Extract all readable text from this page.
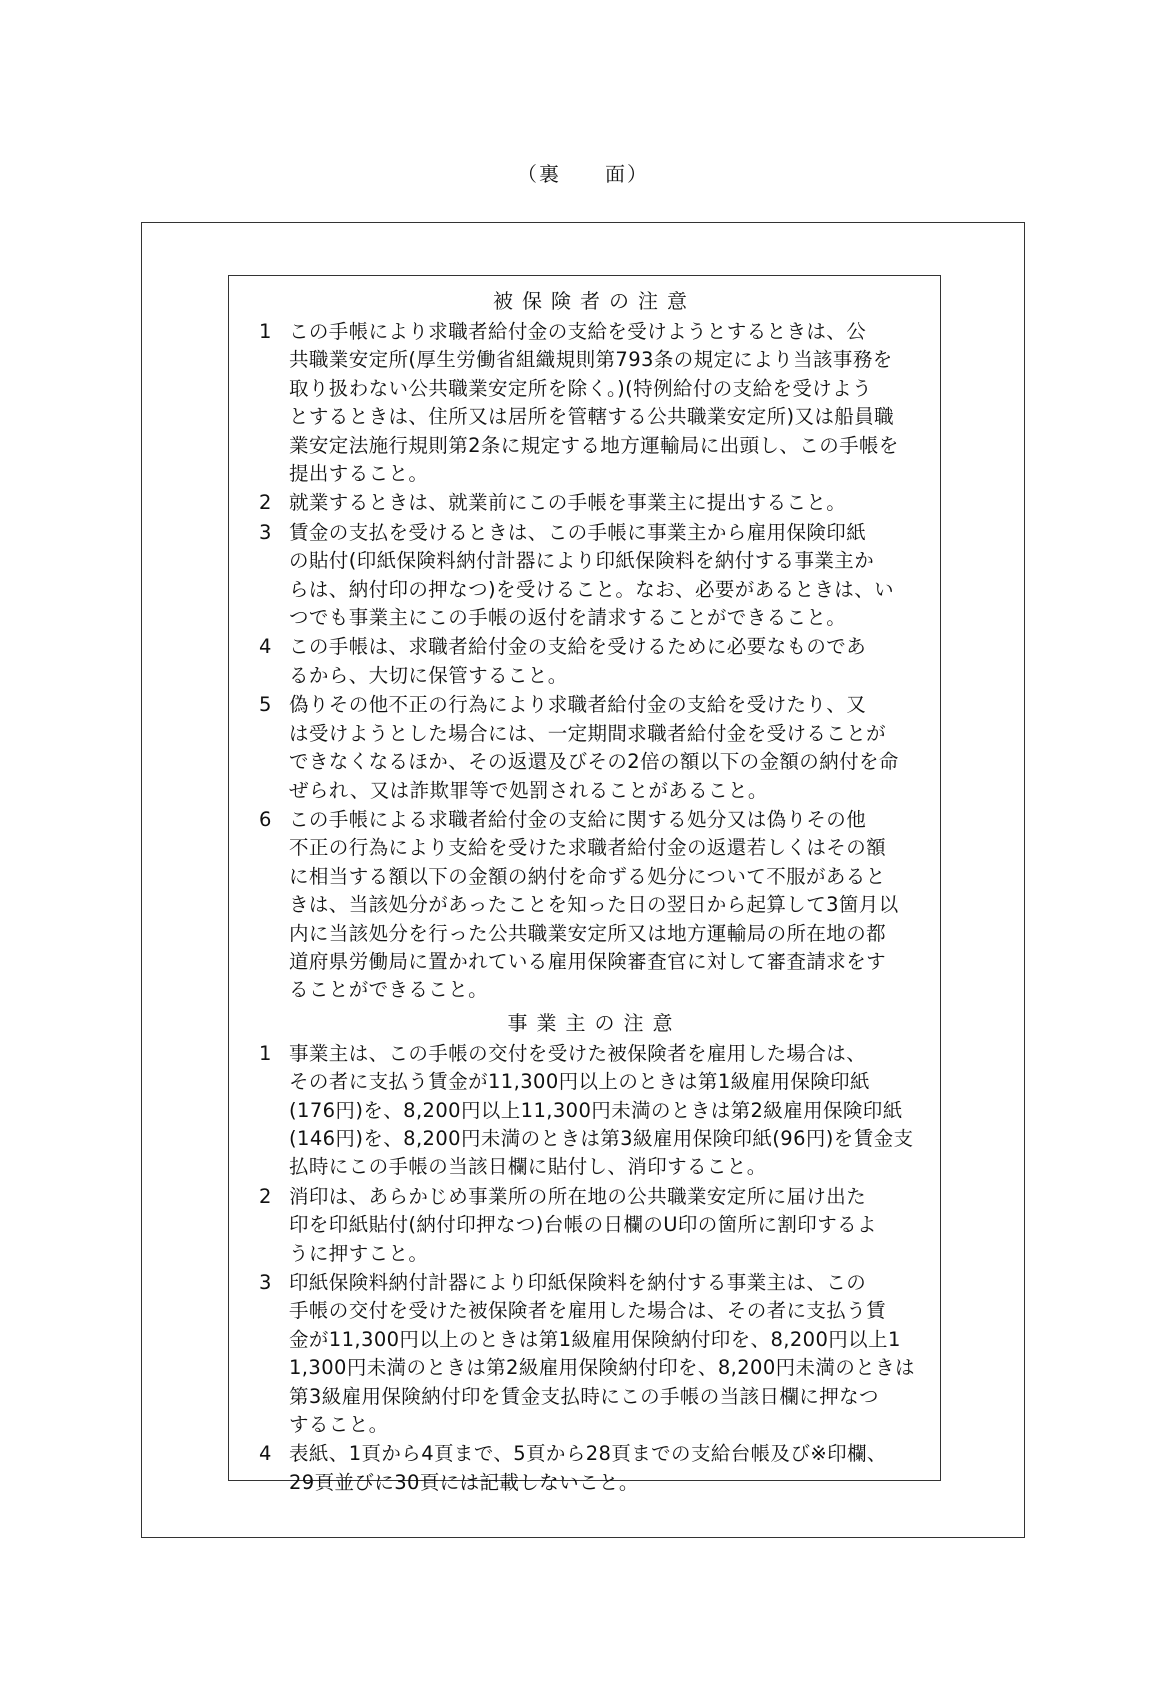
（裏　　面）
被保険者の注意
1 この手帳により求職者給付金の支給を受けようとするときは、公
共職業安定所(厚生労働省組織規則第793条の規定により当該事務を
取り扱わない公共職業安定所を除く。)(特例給付の支給を受けよう
とするときは、住所又は居所を管轄する公共職業安定所)又は船員職
業安定法施行規則第2条に規定する地方運輸局に出頭し、この手帳を
提出すること。
2 就業するときは、就業前にこの手帳を事業主に提出すること。
3 賃金の支払を受けるときは、この手帳に事業主から雇用保険印紙
の貼付(印紙保険料納付計器により印紙保険料を納付する事業主か
らは、納付印の押なつ)を受けること。なお、必要があるときは、い
つでも事業主にこの手帳の返付を請求することができること。
4 この手帳は、求職者給付金の支給を受けるために必要なものであ
るから、大切に保管すること。
5 偽りその他不正の行為により求職者給付金の支給を受けたり、又
は受けようとした場合には、一定期間求職者給付金を受けることが
できなくなるほか、その返還及びその2倍の額以下の金額の納付を命
ぜられ、又は詐欺罪等で処罰されることがあること。
6 この手帳による求職者給付金の支給に関する処分又は偽りその他
不正の行為により支給を受けた求職者給付金の返還若しくはその額
に相当する額以下の金額の納付を命ずる処分について不服があると
きは、当該処分があったことを知った日の翌日から起算して3箇月以
内に当該処分を行った公共職業安定所又は地方運輸局の所在地の都
道府県労働局に置かれている雇用保険審査官に対して審査請求をす
ることができること。
事業主の注意
1 事業主は、この手帳の交付を受けた被保険者を雇用した場合は、
その者に支払う賃金が11,300円以上のときは第1級雇用保険印紙
(176円)を、8,200円以上11,300円未満のときは第2級雇用保険印紙
(146円)を、8,200円未満のときは第3級雇用保険印紙(96円)を賃金支
払時にこの手帳の当該日欄に貼付し、消印すること。
2 消印は、あらかじめ事業所の所在地の公共職業安定所に届け出た
印を印紙貼付(納付印押なつ)台帳の日欄のU印の箇所に割印するよ
うに押すこと。
3 印紙保険料納付計器により印紙保険料を納付する事業主は、この
手帳の交付を受けた被保険者を雇用した場合は、その者に支払う賃
金が11,300円以上のときは第1級雇用保険納付印を、8,200円以上1
1,300円未満のときは第2級雇用保険納付印を、8,200円未満のときは
第3級雇用保険納付印を賃金支払時にこの手帳の当該日欄に押なつ
すること。
4 表紙、1頁から4頁まで、5頁から28頁までの支給台帳及び※印欄、
29頁並びに30頁には記載しないこと。
